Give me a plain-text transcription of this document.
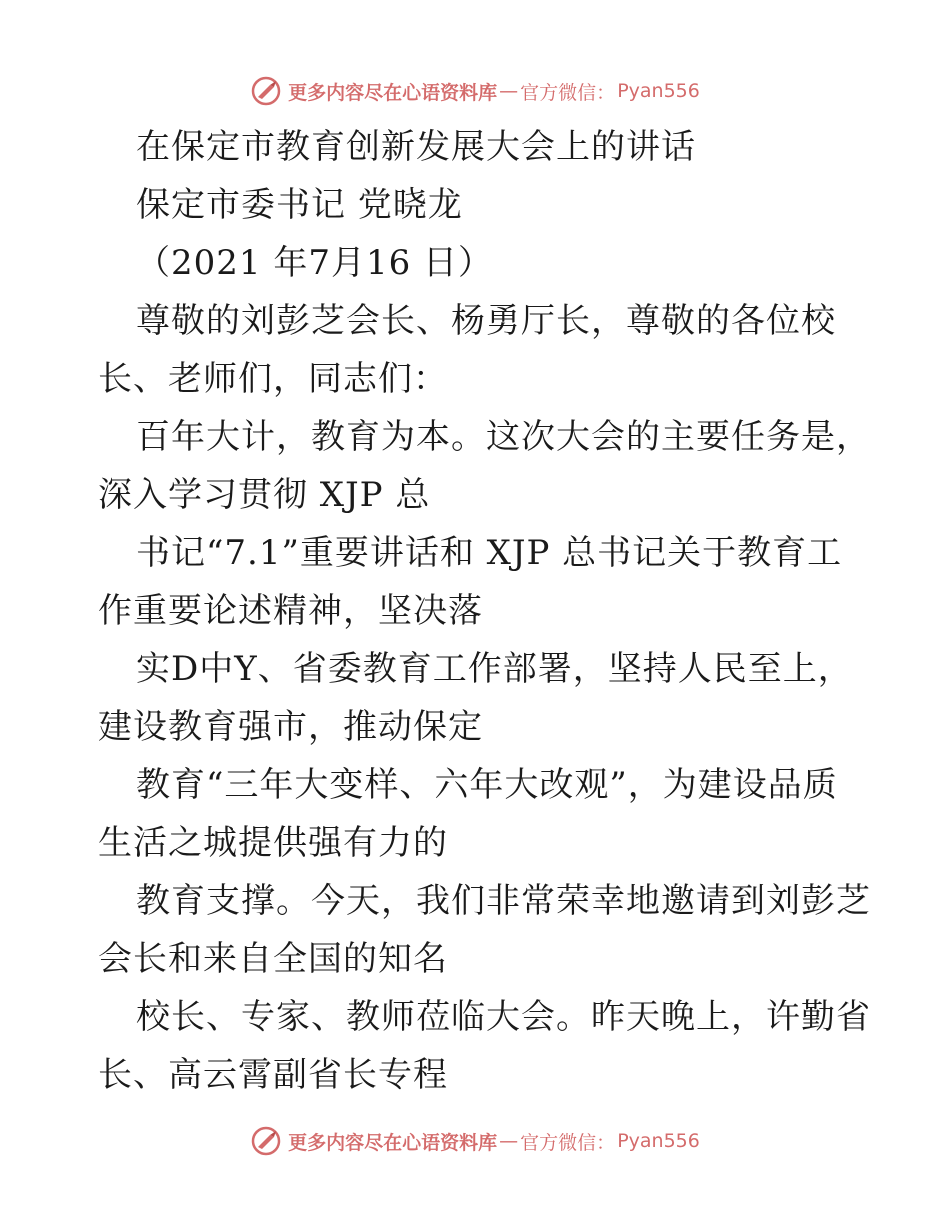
更多内容尽在心语资料库 — 官方微信： Pyan556
在保定市教育创新发展大会上的讲话
保定市委书记 党晓龙
（2021 年7月16 日）
尊敬的刘彭芝会长、杨勇厅长，尊敬的各位校
长、老师们，同志们：
百年大计，教育为本。这次大会的主要任务是，
深入学习贯彻 XJP 总
书记“7.1”重要讲话和 XJP 总书记关于教育工
作重要论述精神，坚决落
实D中Y、省委教育工作部署，坚持人民至上，
建设教育强市，推动保定
教育“三年大变样、六年大改观”，为建设品质
生活之城提供强有力的
教育支撑。今天，我们非常荣幸地邀请到刘彭芝
会长和来自全国的知名
校长、专家、教师莅临大会。昨天晚上，许勤省
长、高云霄副省长专程
更多内容尽在心语资料库 — 官方微信： Pyan556
